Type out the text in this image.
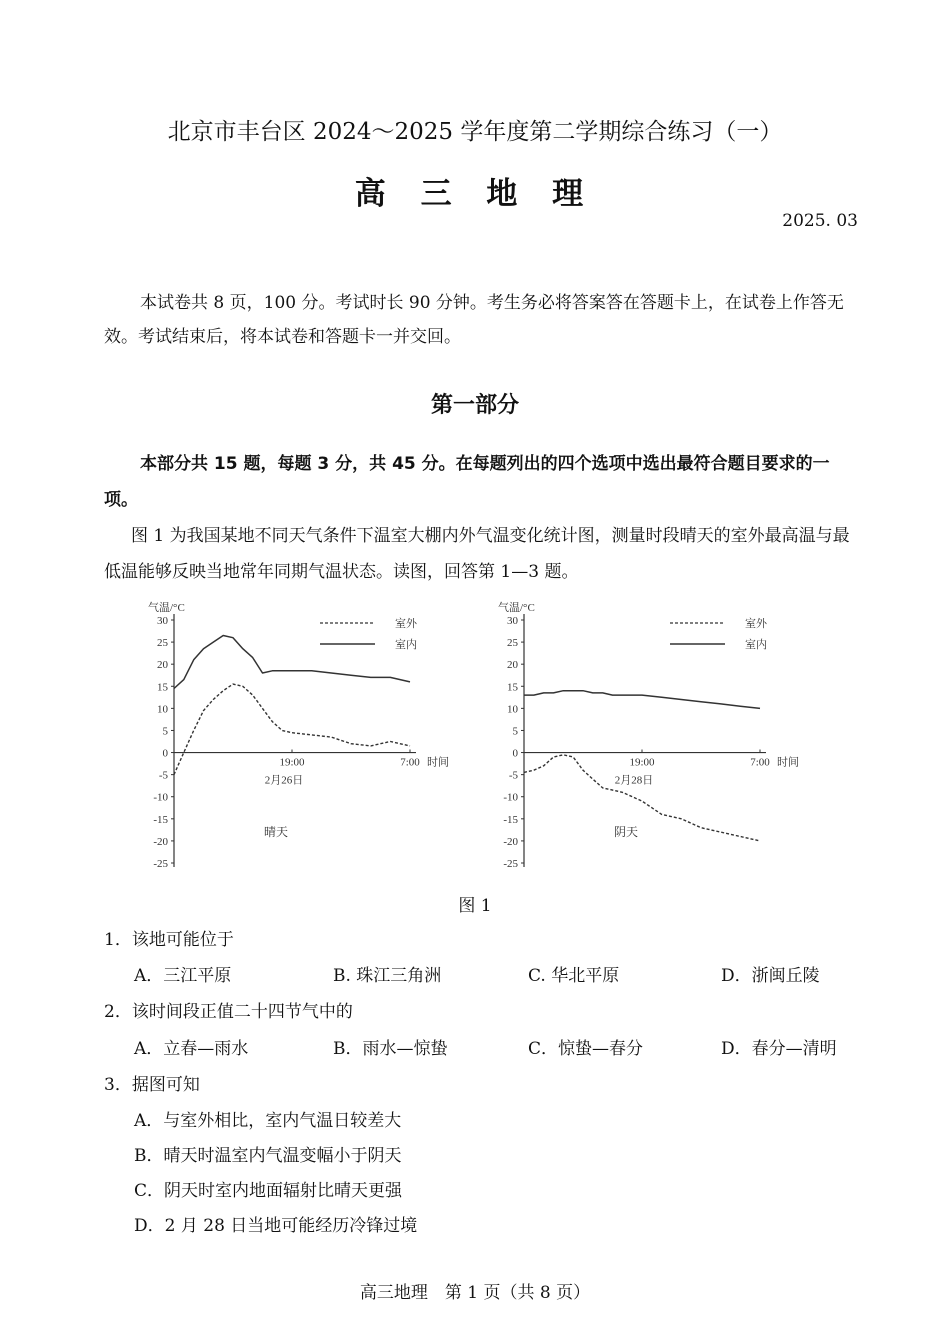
北京市丰台区 2024～2025 学年度第二学期综合练习（一）
高 三 地 理
2025. 03
本试卷共 8 页，100 分。考试时长 90 分钟。考生务必将答案答在答题卡上，在试卷上作答无效。考试结束后，将本试卷和答题卡一并交回。
第一部分
本部分共 15 题，每题 3 分，共 45 分。在每题列出的四个选项中选出最符合题目要求的一项。
图 1 为我国某地不同天气条件下温室大棚内外气温变化统计图，测量时段晴天的室外最高温与最低温能够反映当地常年同期气温状态。读图，回答第 1—3 题。
30
25
20
15
10
5
0
-5
-10
-15
-20
-25
气温/°C
19:00	7:00 时间
2月26日
晴天
室外
室内
30
25
20
15
10
5
0
-5
-10
-15
-20
-25
气温/°C
19:00	7:00 时间
2月28日
阴天
室外
室内
图 1
1．该地可能位于
A．三江平原	B. 珠江三角洲	C. 华北平原	D．浙闽丘陵
2．该时间段正值二十四节气中的
A．立春—雨水	B．雨水—惊蛰	C．惊蛰—春分	D．春分—清明
3．据图可知
A．与室外相比，室内气温日较差大
B．晴天时温室内气温变幅小于阴天
C．阴天时室内地面辐射比晴天更强
D．2 月 28 日当地可能经历冷锋过境
高三地理　第 1 页（共 8 页）
